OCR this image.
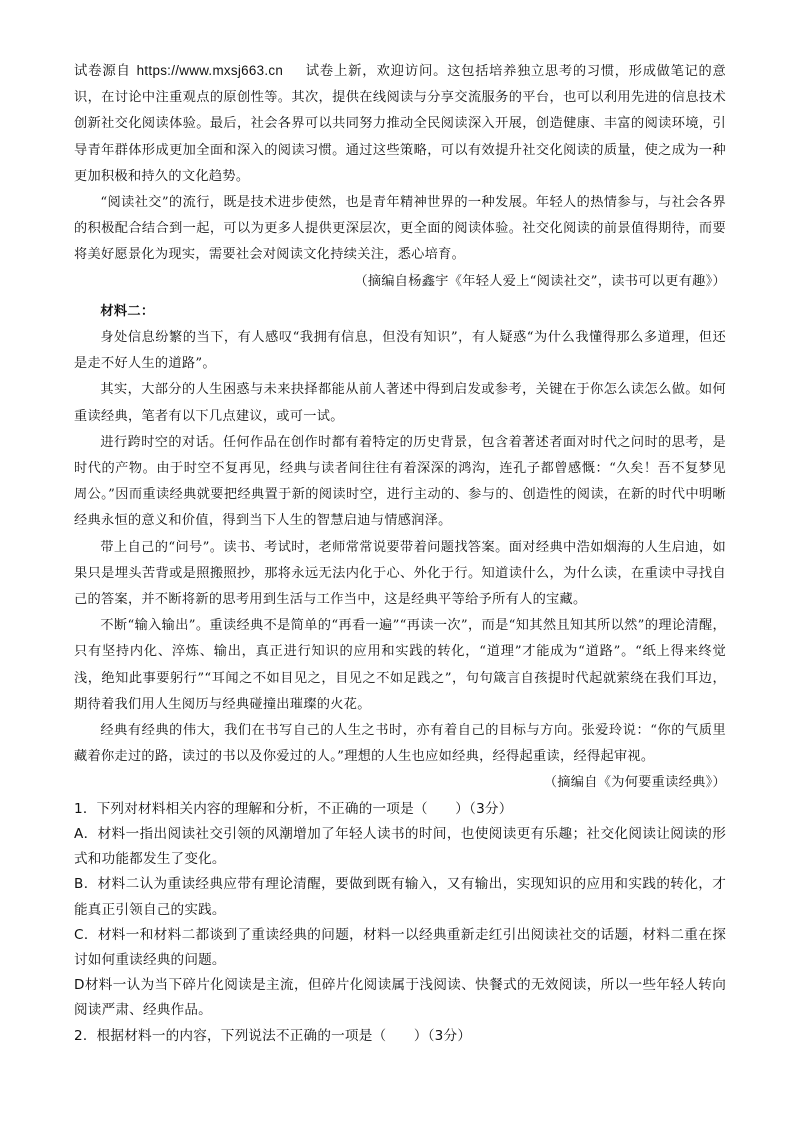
试卷源自 https://www.mxsj663.cn 试卷上新，欢迎访问。这包括培养独立思考的习惯，形成做笔记的意识，在讨论中注重观点的原创性等。其次，提供在线阅读与分享交流服务的平台，也可以利用先进的信息技术创新社交化阅读体验。最后，社会各界可以共同努力推动全民阅读深入开展，创造健康、丰富的阅读环境，引导青年群体形成更加全面和深入的阅读习惯。通过这些策略，可以有效提升社交化阅读的质量，使之成为一种更加积极和持久的文化趋势。

“阅读社交”的流行，既是技术进步使然，也是青年精神世界的一种发展。年轻人的热情参与，与社会各界的积极配合结合到一起，可以为更多人提供更深层次，更全面的阅读体验。社交化阅读的前景值得期待，而要将美好愿景化为现实，需要社会对阅读文化持续关注，悉心培育。

（摘编自杨鑫宇《年轻人爱上“阅读社交”，读书可以更有趣》）

材料二：

身处信息纷繁的当下，有人感叹“我拥有信息，但没有知识”，有人疑惑“为什么我懂得那么多道理，但还是走不好人生的道路”。

其实，大部分的人生困惑与未来抉择都能从前人著述中得到启发或参考，关键在于你怎么读怎么做。如何重读经典，笔者有以下几点建议，或可一试。

进行跨时空的对话。任何作品在创作时都有着特定的历史背景，包含着著述者面对时代之问时的思考，是时代的产物。由于时空不复再见，经典与读者间往往有着深深的鸿沟，连孔子都曾感慨：“久矣！吾不复梦见周公。”因而重读经典就要把经典置于新的阅读时空，进行主动的、参与的、创造性的阅读，在新的时代中明晰经典永恒的意义和价值，得到当下人生的智慧启迪与情感润泽。

带上自己的“问号”。读书、考试时，老师常常说要带着问题找答案。面对经典中浩如烟海的人生启迪，如果只是埋头苦背或是照搬照抄，那将永远无法内化于心、外化于行。知道读什么，为什么读，在重读中寻找自己的答案，并不断将新的思考用到生活与工作当中，这是经典平等给予所有人的宝藏。

不断“输入输出”。重读经典不是简单的“再看一遍”“再读一次”，而是“知其然且知其所以然”的理论清醒，只有坚持内化、淬炼、输出，真正进行知识的应用和实践的转化，“道理”才能成为“道路”。“纸上得来终觉浅，绝知此事要躬行”“耳闻之不如目见之，目见之不如足践之”，句句箴言自孩提时代起就萦绕在我们耳边，期待着我们用人生阅历与经典碰撞出璀璨的火花。

经典有经典的伟大，我们在书写自己的人生之书时，亦有着自己的目标与方向。张爱玲说：“你的气质里藏着你走过的路，读过的书以及你爱过的人。”理想的人生也应如经典，经得起重读，经得起审视。

（摘编自《为何要重读经典》）

1．下列对材料相关内容的理解和分析，不正确的一项是（　　）（3分）

A．材料一指出阅读社交引领的风潮增加了年轻人读书的时间，也使阅读更有乐趣；社交化阅读让阅读的形式和功能都发生了变化。

B．材料二认为重读经典应带有理论清醒，要做到既有输入，又有输出，实现知识的应用和实践的转化，才能真正引领自己的实践。

C．材料一和材料二都谈到了重读经典的问题，材料一以经典重新走红引出阅读社交的话题，材料二重在探讨如何重读经典的问题。

D材料一认为当下碎片化阅读是主流，但碎片化阅读属于浅阅读、快餐式的无效阅读，所以一些年轻人转向阅读严肃、经典作品。

2．根据材料一的内容，下列说法不正确的一项是（　　）（3分）
